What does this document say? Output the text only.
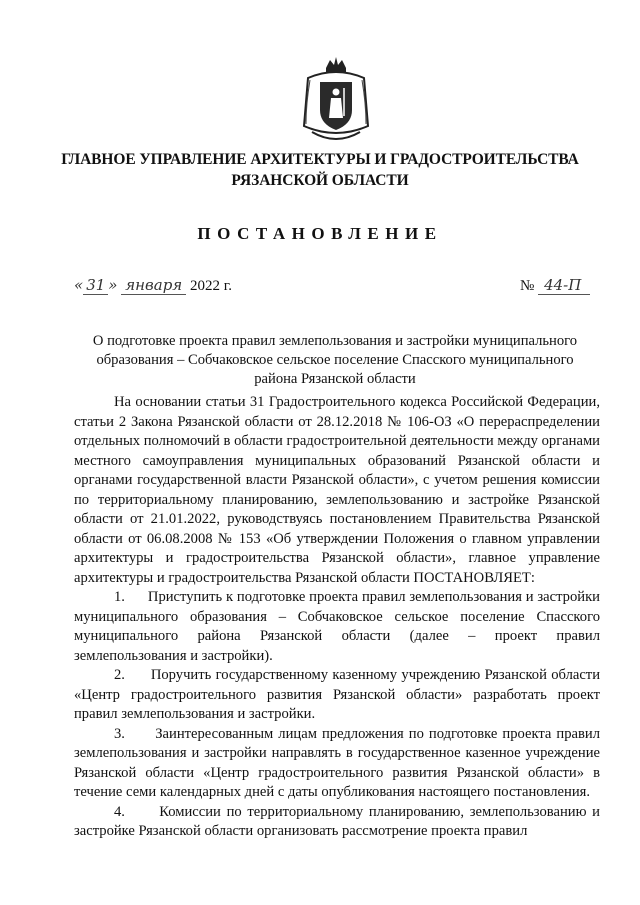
ГЛАВНОЕ УПРАВЛЕНИЕ АРХИТЕКТУРЫ И ГРАДОСТРОИТЕЛЬСТВА
РЯЗАНСКОЙ ОБЛАСТИ
ПОСТАНОВЛЕНИЕ
« 31 » января 2022 г.	№ 44-П
О подготовке проекта правил землепользования и застройки муниципального
образования – Собчаковское сельское поселение Спасского муниципального
района Рязанской области

На основании статьи 31 Градостроительного кодекса Российской Федерации, статьи 2 Закона Рязанской области от 28.12.2018 № 106-ОЗ «О перераспределении отдельных полномочий в области градостроительной деятельности между органами местного самоуправления муниципальных образований Рязанской области и органами государственной власти Рязанской области», с учетом решения комиссии по территориальному планированию, землепользованию и застройке Рязанской области от 21.01.2022, руководствуясь постановлением Правительства Рязанской области от 06.08.2008 № 153 «Об утверждении Положения о главном управлении архитектуры и градостроительства Рязанской области», главное управление архитектуры и градостроительства Рязанской области ПОСТАНОВЛЯЕТ:

1.      Приступить к подготовке проекта правил землепользования и застройки муниципального образования – Собчаковское сельское поселение Спасского муниципального района Рязанской области (далее – проект правил землепользования и застройки).

2.      Поручить государственному казенному учреждению Рязанской области «Центр градостроительного развития Рязанской области» разработать проект правил землепользования и застройки.

3.      Заинтересованным лицам предложения по подготовке проекта правил землепользования и застройки направлять в государственное казенное учреждение Рязанской области «Центр градостроительного развития Рязанской области» в течение семи календарных дней с даты опубликования настоящего постановления.

4.      Комиссии по территориальному планированию, землепользованию и застройке Рязанской области организовать рассмотрение проекта правил
